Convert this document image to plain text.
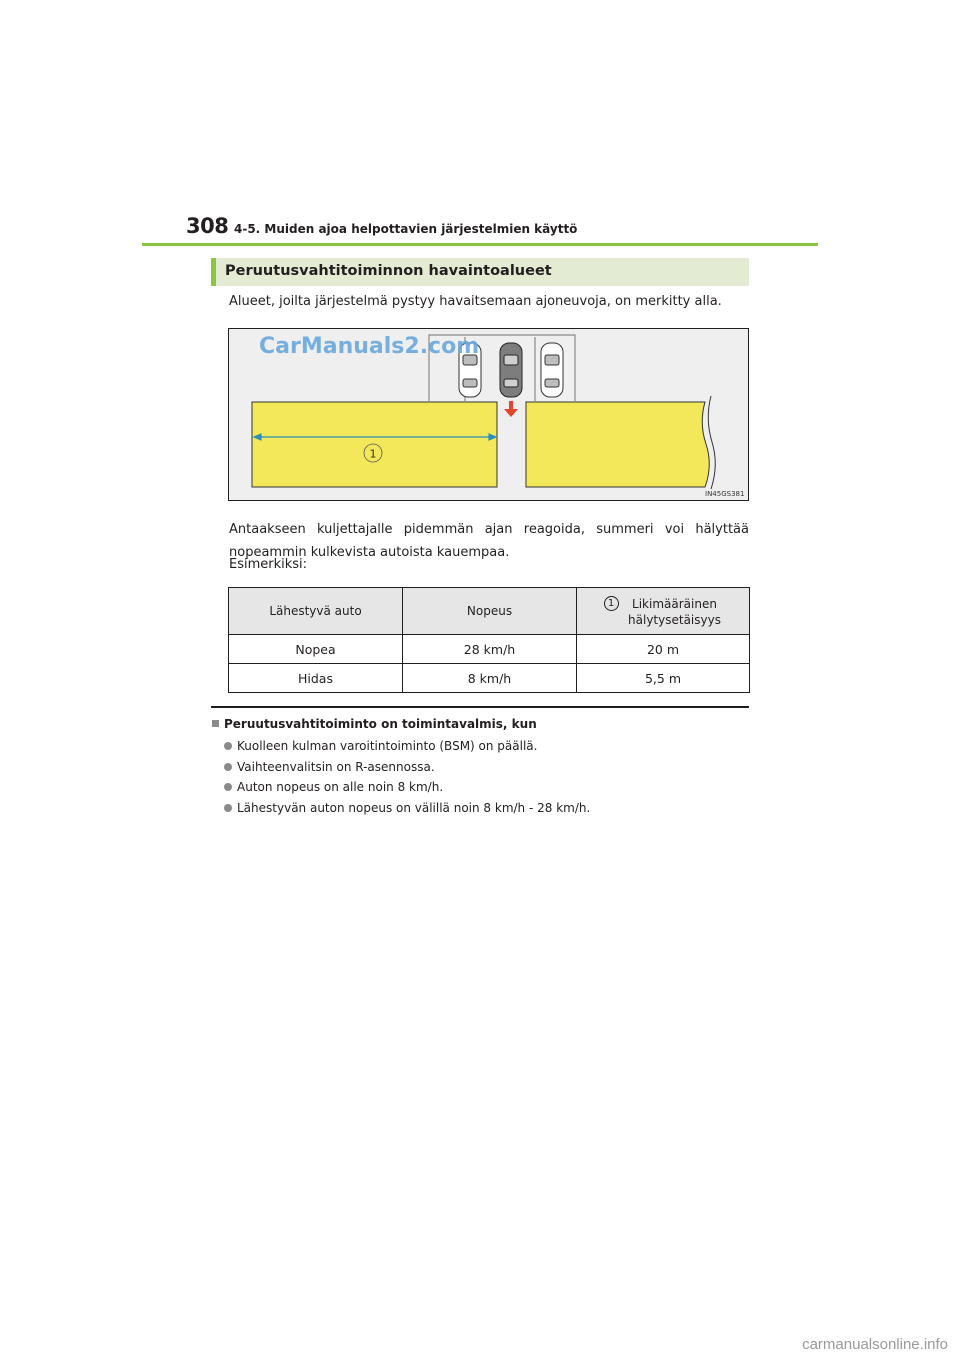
308 4-5. Muiden ajoa helpottavien järjestelmien käyttö
Peruutusvahtitoiminnon havaintoalueet
Alueet, joilta järjestelmä pystyy havaitsemaan ajoneuvoja, on merkitty alla.
1
IN45GS381
CarManuals2.com
Antaakseen kuljettajalle pidemmän ajan reagoida, summeri voi hälyttää nopeammin kulkevista autoista kauempaa.
Esimerkiksi:
Lähestyvä auto	Nopeus	1 Likimääräinen hälytysetäisyys

Nopea	28 km/h	20 m
Hidas	8 km/h	5,5 m
Peruutusvahtitoiminto on toimintavalmis, kun
Kuolleen kulman varoitintoiminto (BSM) on päällä.
Vaihteenvalitsin on R-asennossa.
Auton nopeus on alle noin 8 km/h.
Lähestyvän auton nopeus on välillä noin 8 km/h - 28 km/h.
carmanualsonline.info
